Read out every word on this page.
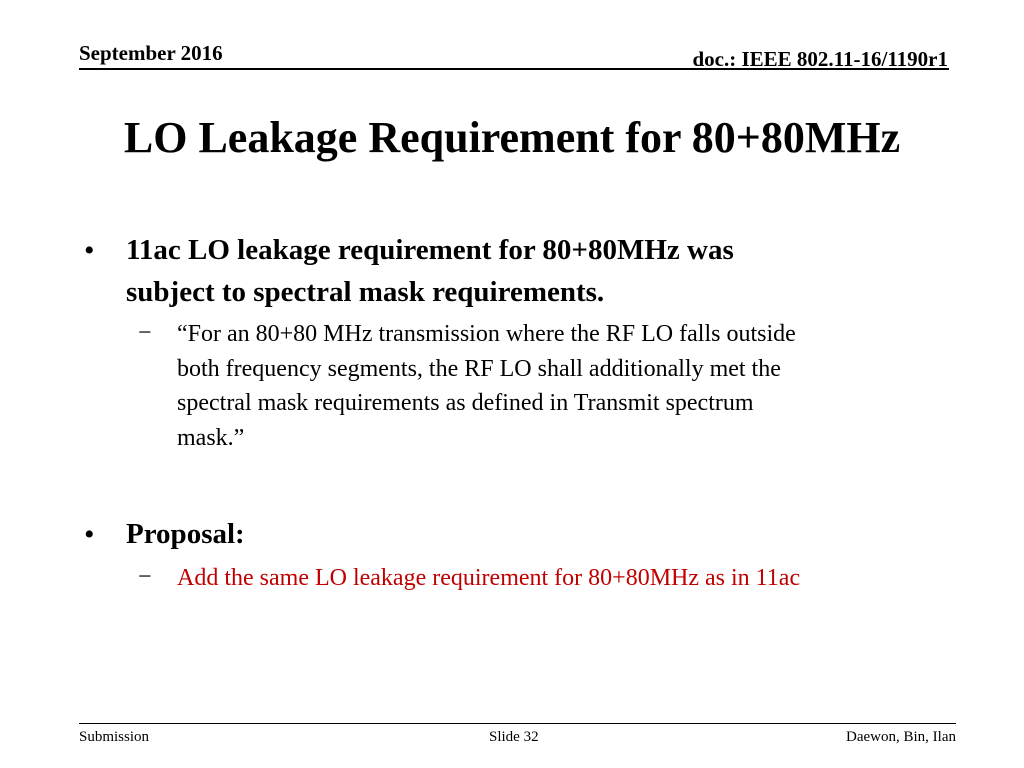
September 2016	doc.: IEEE 802.11-16/1190r1
LO Leakage Requirement for 80+80MHz
• 11ac LO leakage requirement for 80+80MHz was
subject to spectral mask requirements.
− “For an 80+80 MHz transmission where the RF LO falls outside
both frequency segments, the RF LO shall additionally met the
spectral mask requirements as defined in Transmit spectrum
mask.”
• Proposal:
− Add the same LO leakage requirement for 80+80MHz as in 11ac
Submission	Slide 32	Daewon, Bin, Ilan
